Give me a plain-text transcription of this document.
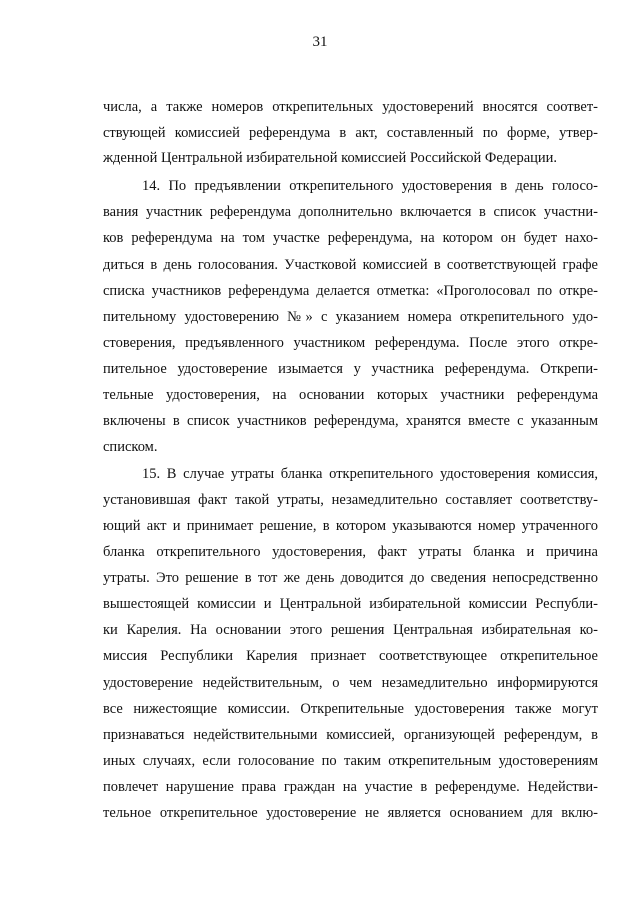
31
числа, а также номеров открепительных удостоверений вносятся соответ-
ствующей комиссией референдума в акт, составленный по форме, утвер-
жденной Центральной избирательной комиссией Российской Федерации.
14. По предъявлении открепительного удостоверения в день голосо-
вания участник референдума дополнительно включается в список участни-
ков референдума на том участке референдума, на котором он будет нахо-
диться в день голосования. Участковой комиссией в соответствующей графе
списка участников референдума делается отметка: «Проголосовал по откре-
пительному удостоверению №» с указанием номера открепительного удо-
стоверения, предъявленного участником референдума. После этого откре-
пительное удостоверение изымается у участника референдума. Открепи-
тельные удостоверения, на основании которых участники референдума
включены в список участников референдума, хранятся вместе с указанным
списком.
15. В случае утраты бланка открепительного удостоверения комиссия,
установившая факт такой утраты, незамедлительно составляет соответству-
ющий акт и принимает решение, в котором указываются номер утраченного
бланка открепительного удостоверения, факт утраты бланка и причина
утраты. Это решение в тот же день доводится до сведения непосредственно
вышестоящей комиссии и Центральной избирательной комиссии Республи-
ки Карелия. На основании этого решения Центральная избирательная ко-
миссия Республики Карелия признает соответствующее открепительное
удостоверение недействительным, о чем незамедлительно информируются
все нижестоящие комиссии. Открепительные удостоверения также могут
признаваться недействительными комиссией, организующей референдум, в
иных случаях, если голосование по таким открепительным удостоверениям
повлечет нарушение права граждан на участие в референдуме. Недействи-
тельное открепительное удостоверение не является основанием для вклю-
